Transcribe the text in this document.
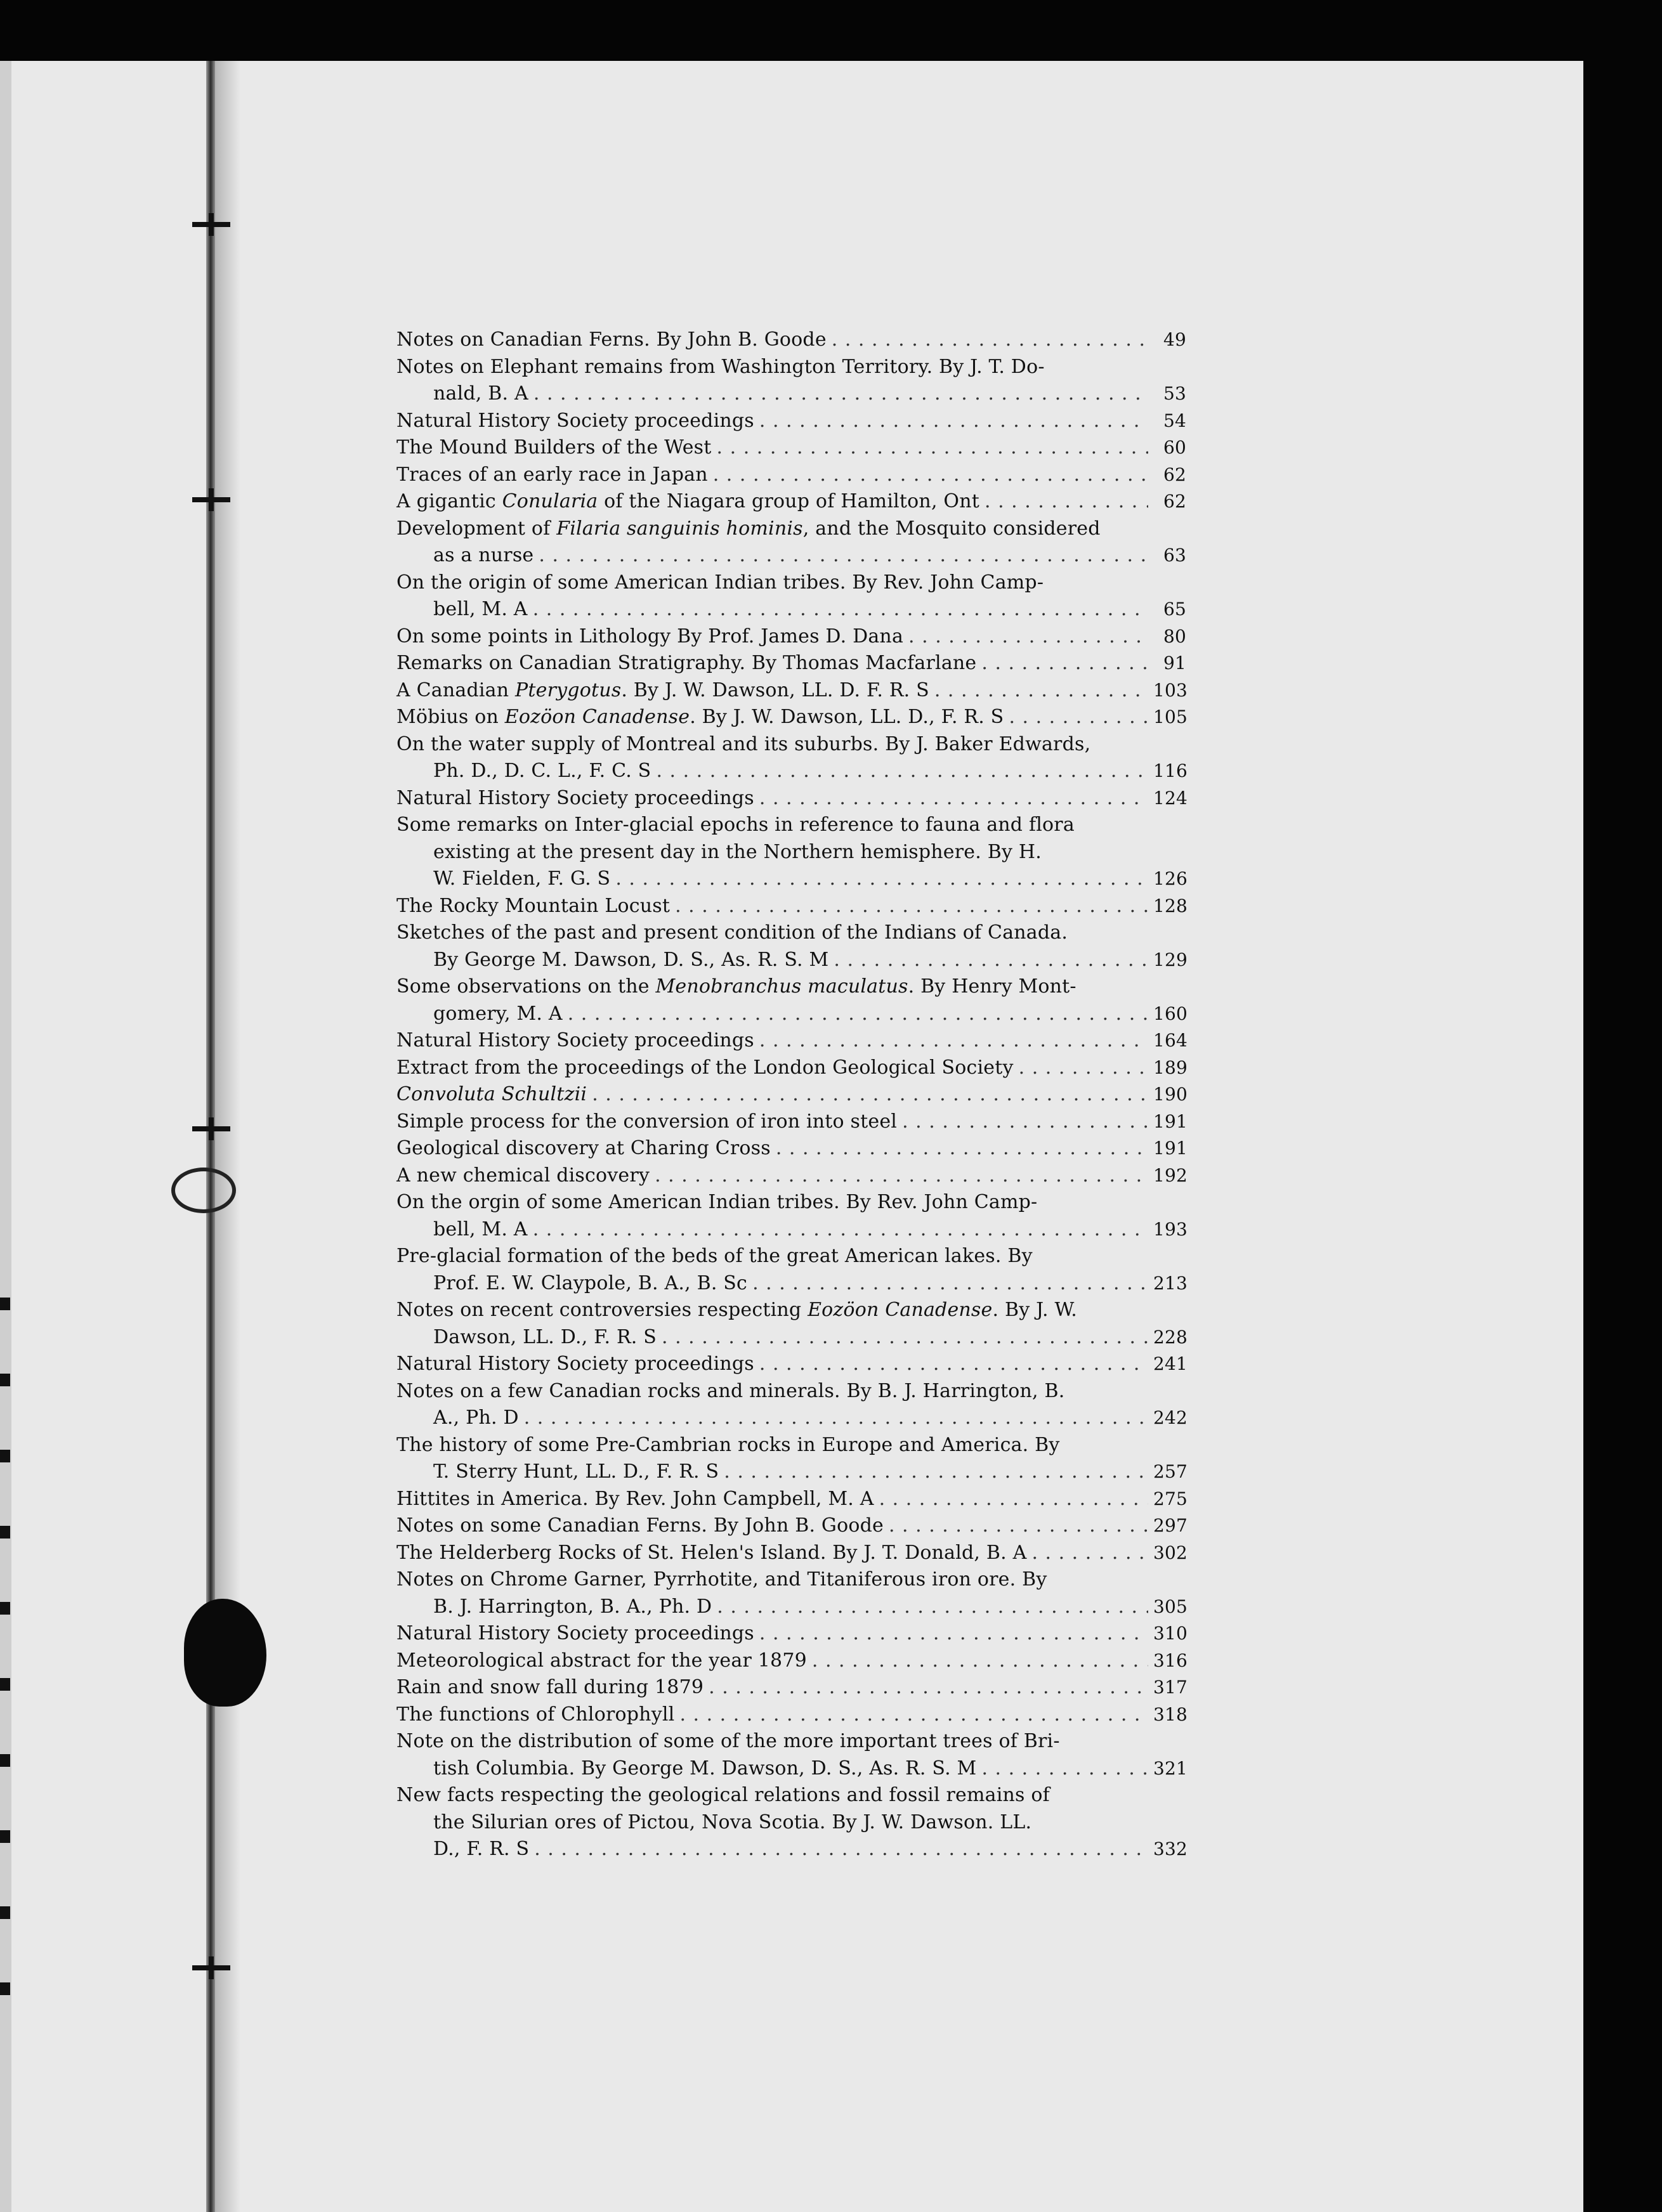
Notes on Canadian Ferns. By John B. Goode . . .	49
Notes on Elephant remains from Washington Territory. By J. T. Do-
nald, B. A . . .	53
Natural History Society proceedings . . .	54
The Mound Builders of the West . . .	60
Traces of an early race in Japan . . .	62
A gigantic Conularia of the Niagara group of Hamilton, Ont . . .	62
Development of Filaria sanguinis hominis, and the Mosquito considered
as a nurse . . .	63
On the origin of some American Indian tribes. By Rev. John Camp-
bell, M. A . . .	65
On some points in Lithology By Prof. James D. Dana . . .	80
Remarks on Canadian Stratigraphy. By Thomas Macfarlane . . .	91
A Canadian Pterygotus. By J. W. Dawson, LL. D. F. R. S . . .	103
Möbius on Eozöon Canadense. By J. W. Dawson, LL. D., F. R. S . . .	105
On the water supply of Montreal and its suburbs. By J. Baker Edwards,
Ph. D., D. C. L., F. C. S . . .	116
Natural History Society proceedings . . .	124
Some remarks on Inter-glacial epochs in reference to fauna and flora
existing at the present day in the Northern hemisphere. By H.
W. Fielden, F. G. S . . .	126
The Rocky Mountain Locust . . .	128
Sketches of the past and present condition of the Indians of Canada.
By George M. Dawson, D. S., As. R. S. M . . .	129
Some observations on the Menobranchus maculatus. By Henry Mont-
gomery, M. A . . .	160
Natural History Society proceedings . . .	164
Extract from the proceedings of the London Geological Society . . .	189
Convoluta Schultzii . . .	190
Simple process for the conversion of iron into steel . . .	191
Geological discovery at Charing Cross . . .	191
A new chemical discovery . . .	192
On the orgin of some American Indian tribes. By Rev. John Camp-
bell, M. A . . .	193
Pre-glacial formation of the beds of the great American lakes. By
Prof. E. W. Claypole, B. A., B. Sc . . .	213
Notes on recent controversies respecting Eozöon Canadense. By J. W.
Dawson, LL. D., F. R. S . . .	228
Natural History Society proceedings . . .	241
Notes on a few Canadian rocks and minerals. By B. J. Harrington, B.
A., Ph. D . . .	242
The history of some Pre-Cambrian rocks in Europe and America. By
T. Sterry Hunt, LL. D., F. R. S . . .	257
Hittites in America. By Rev. John Campbell, M. A . . .	275
Notes on some Canadian Ferns. By John B. Goode . . .	297
The Helderberg Rocks of St. Helen's Island. By J. T. Donald, B. A . . .	302
Notes on Chrome Garner, Pyrrhotite, and Titaniferous iron ore. By
B. J. Harrington, B. A., Ph. D . . .	305
Natural History Society proceedings . . .	310
Meteorological abstract for the year 1879 . . .	316
Rain and snow fall during 1879 . . .	317
The functions of Chlorophyll . . .	318
Note on the distribution of some of the more important trees of Bri-
tish Columbia. By George M. Dawson, D. S., As. R. S. M . . .	321
New facts respecting the geological relations and fossil remains of
the Silurian ores of Pictou, Nova Scotia. By J. W. Dawson. LL.
D., F. R. S . . .	332
